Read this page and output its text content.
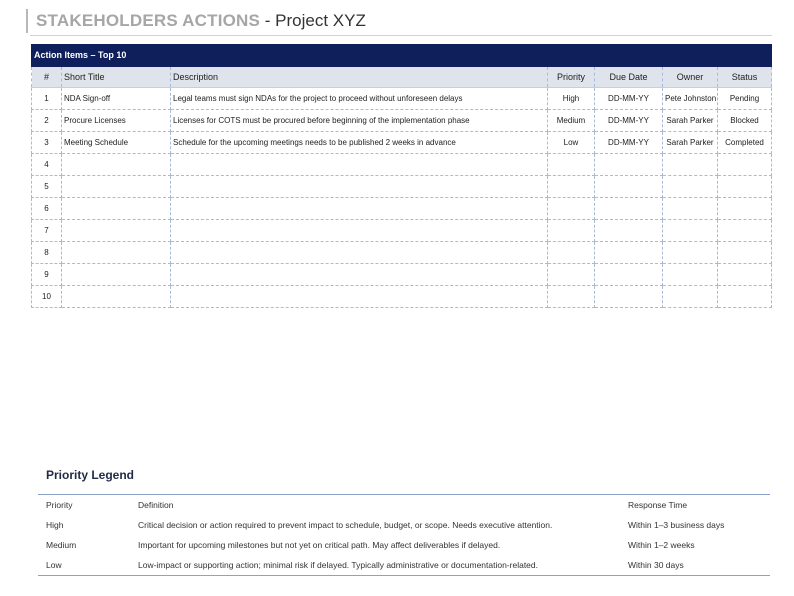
STAKEHOLDERS ACTIONS - Project XYZ
Action Items – Top 10
#	Short Title	Description	Priority	Due Date	Owner	Status
1	NDA Sign-off	Legal teams must sign NDAs for the project to proceed without unforeseen delays	High	DD-MM-YY	Pete Johnston	Pending
2	Procure Licenses	Licenses for COTS must be procured before beginning of the implementation phase	Medium	DD-MM-YY	Sarah Parker	Blocked
3	Meeting Schedule	Schedule for the upcoming meetings needs to be published 2 weeks in advance	Low	DD-MM-YY	Sarah Parker	Completed
4						
5						
6						
7						
8						
9						
10						
Priority Legend
Priority	Definition	Response Time
High	Critical decision or action required to prevent impact to schedule, budget, or scope. Needs executive attention.	Within 1–3 business days
Medium	Important for upcoming milestones but not yet on critical path. May affect deliverables if delayed.	Within 1–2 weeks
Low	Low-impact or supporting action; minimal risk if delayed. Typically administrative or documentation-related.	Within 30 days
